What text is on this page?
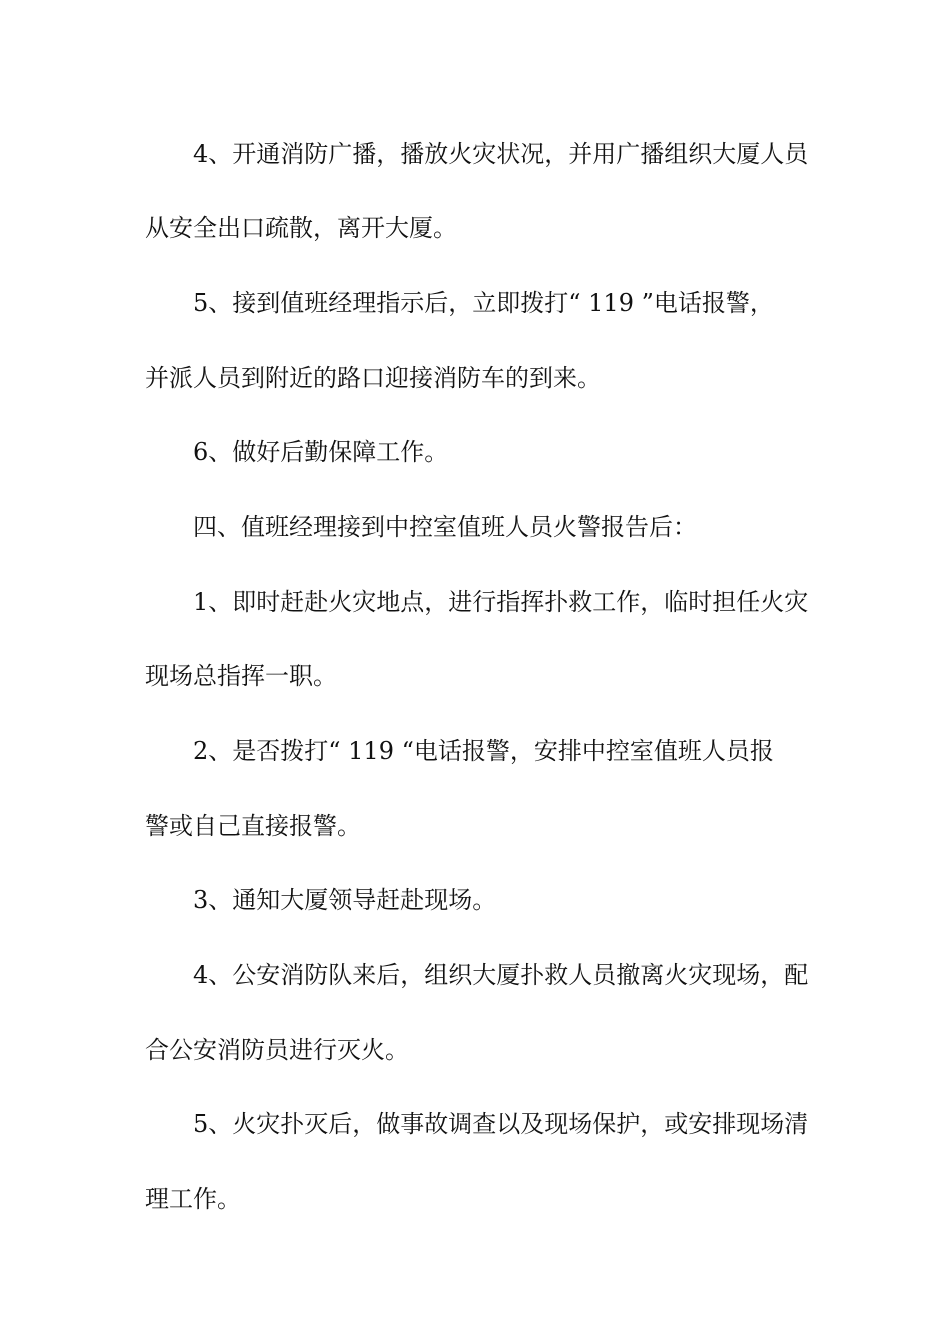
4、开通消防广播，播放火灾状况，并用广播组织大厦人员

从安全出口疏散，离开大厦。

5、接到值班经理指示后，立即拨打“ 119 ”电话报警，

并派人员到附近的路口迎接消防车的到来。

6、做好后勤保障工作。

四、值班经理接到中控室值班人员火警报告后：

1、即时赶赴火灾地点，进行指挥扑救工作，临时担任火灾

现场总指挥一职。

2、是否拨打“ 119 “电话报警，安排中控室值班人员报

警或自己直接报警。

3、通知大厦领导赶赴现场。

4、公安消防队来后，组织大厦扑救人员撤离火灾现场，配

合公安消防员进行灭火。

5、火灾扑灭后，做事故调查以及现场保护，或安排现场清

理工作。
